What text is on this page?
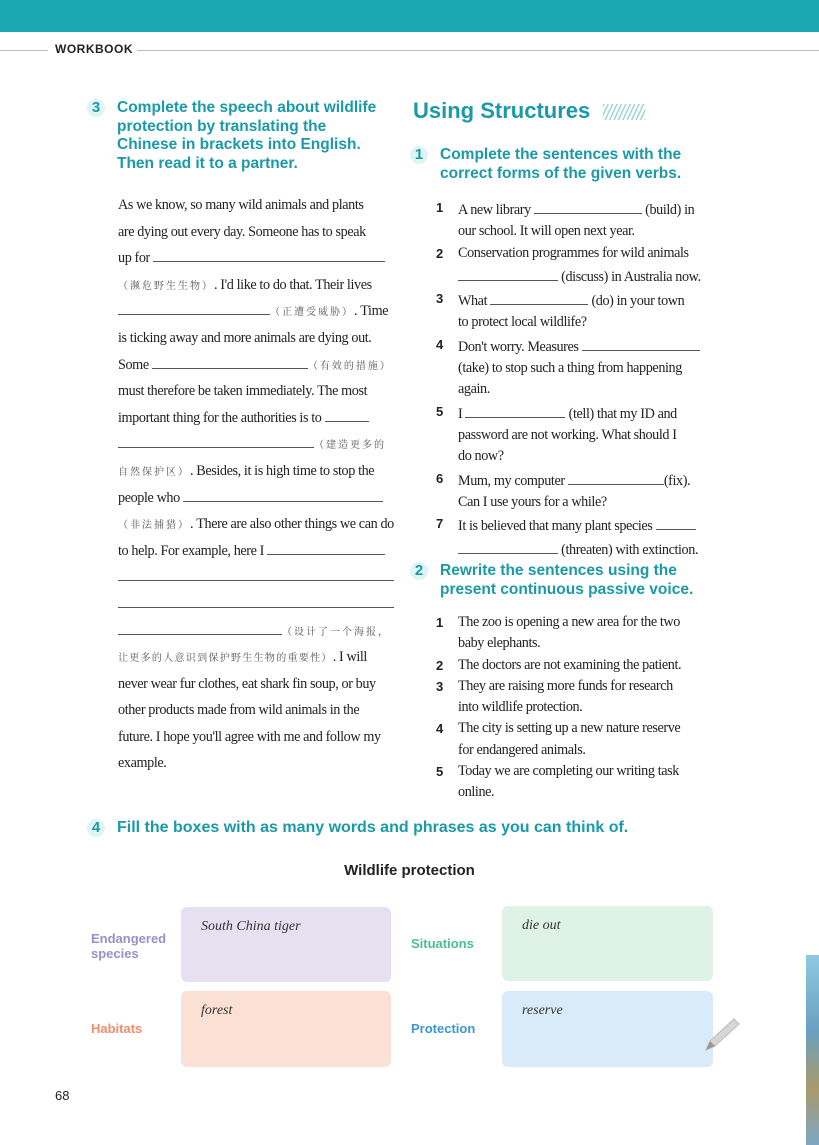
WORKBOOK
3	Complete the speech about wildlife
protection by translating the
Chinese in brackets into English.
Then read it to a partner.
As we know, so many wild animals and plants
are dying out every day. Someone has to speak
up for
（濒危野生生物）. I'd like to do that. Their lives
（正遭受威胁）. Time
is ticking away and more animals are dying out.
Some	（有效的措施）
must therefore be taken immediately. The most
important thing for the authorities is to
（建造更多的
自然保护区）. Besides, it is high time to stop the
people who
（非法捕猎）. There are also other things we can do
to help. For example, here I
（设计了一个海报，
让更多的人意识到保护野生生物的重要性）. I will
never wear fur clothes, eat shark fin soup, or buy
other products made from wild animals in the
future. I hope you'll agree with me and follow my
example.
Using Structures
1	Complete the sentences with the
correct forms of the given verbs.
1 A new library	(build) in
our school. It will open next year.
2 Conservation programmes for wild animals
(discuss) in Australia now.
3 What	(do) in your town
to protect local wildlife?
4 Don't worry. Measures
(take) to stop such a thing from happening
again.
5 I	(tell) that my ID and
password are not working. What should I
do now?
6 Mum, my computer	(fix).
Can I use yours for a while?
7 It is believed that many plant species
(threaten) with extinction.
2	Rewrite the sentences using the
present continuous passive voice.
1 The zoo is opening a new area for the two
baby elephants.
2 The doctors are not examining the patient.
3 They are raising more funds for research
into wildlife protection.
4 The city is setting up a new nature reserve
for endangered animals.
5 Today we are completing our writing task
online.
4	Fill the boxes with as many words and phrases as you can think of.
Wildlife protection
Endangered
species
South China tiger
Situations
die out
Habitats
forest
Protection
reserve
68
